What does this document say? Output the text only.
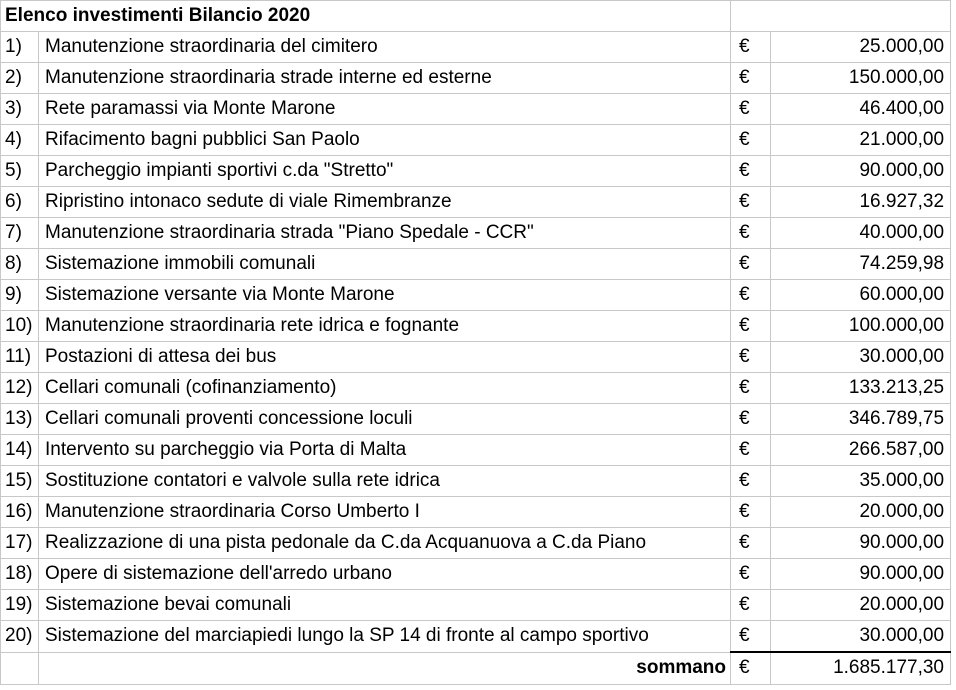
Elenco investimenti Bilancio 2020			
1)	Manutenzione straordinaria del cimitero	€	25.000,00
2)	Manutenzione straordinaria strade interne ed esterne	€	150.000,00
3)	Rete paramassi via Monte Marone	€	46.400,00
4)	Rifacimento bagni pubblici San Paolo	€	21.000,00
5)	Parcheggio impianti sportivi c.da "Stretto"	€	90.000,00
6)	Ripristino intonaco sedute di viale Rimembranze	€	16.927,32
7)	Manutenzione straordinaria strada "Piano Spedale - CCR"	€	40.000,00
8)	Sistemazione immobili comunali	€	74.259,98
9)	Sistemazione versante via Monte Marone	€	60.000,00
10)	Manutenzione straordinaria rete idrica e fognante	€	100.000,00
11)	Postazioni di attesa dei bus	€	30.000,00
12)	Cellari comunali (cofinanziamento)	€	133.213,25
13)	Cellari comunali proventi concessione loculi	€	346.789,75
14)	Intervento su parcheggio via Porta di Malta	€	266.587,00
15)	Sostituzione contatori e valvole sulla rete idrica	€	35.000,00
16)	Manutenzione straordinaria Corso Umberto I	€	20.000,00
17)	Realizzazione di una pista pedonale da C.da Acquanuova a C.da Piano	€	90.000,00
18)	Opere di sistemazione dell'arredo urbano	€	90.000,00
19)	Sistemazione bevai comunali	€	20.000,00
20)	Sistemazione del marciapiedi lungo la SP 14 di fronte al campo sportivo	€	30.000,00
	sommano	€	1.685.177,30
